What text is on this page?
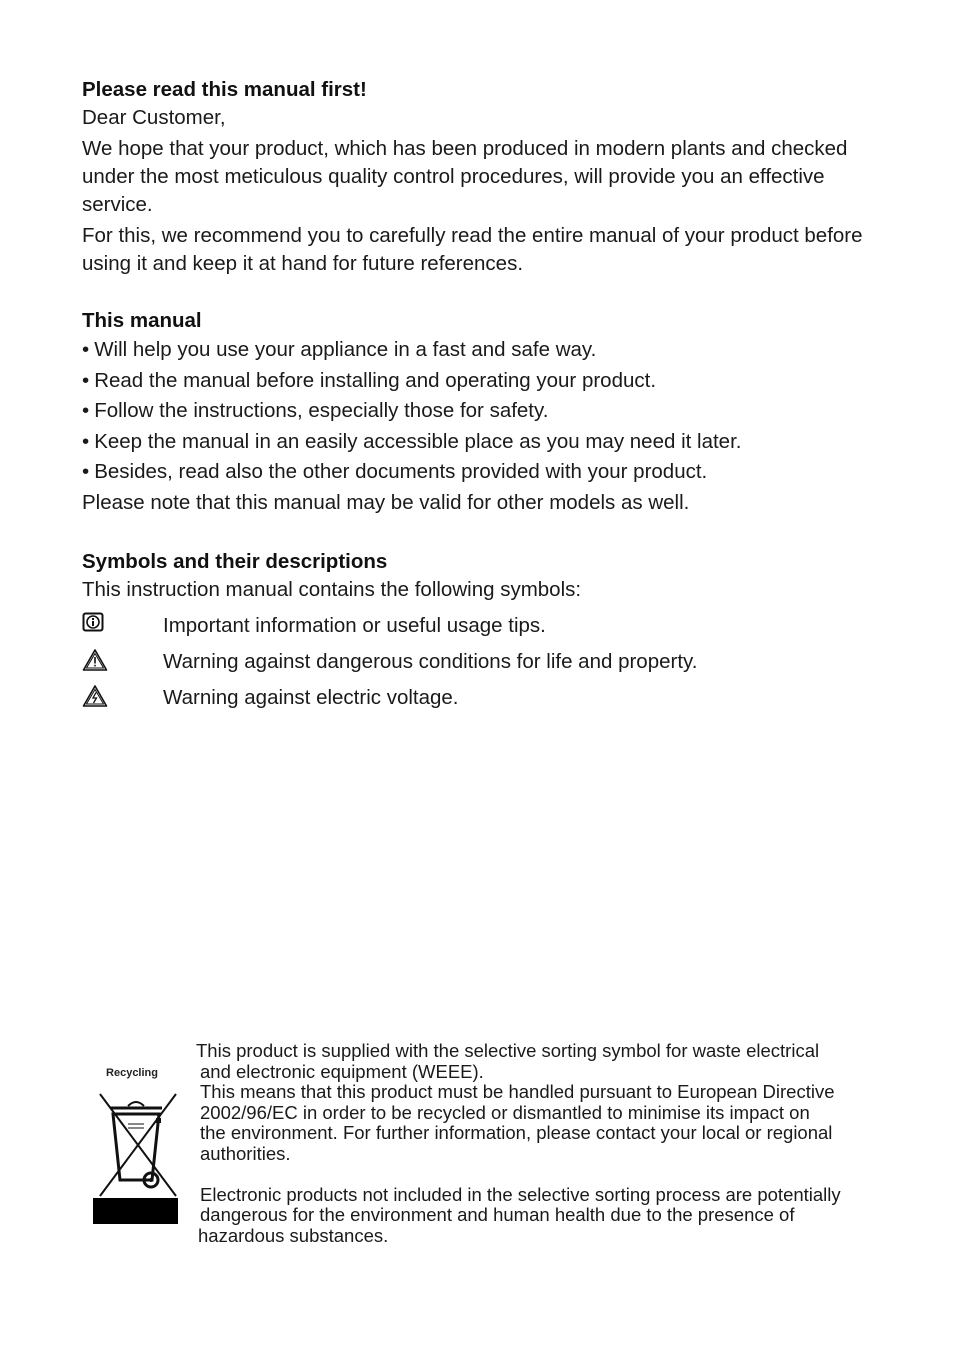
Please read this manual first!

Dear Customer,

We hope that your product, which has been produced in modern plants and checked under the most meticulous quality control procedures, will provide you an effective service.

For this, we recommend you to carefully read the entire manual of your product before using it and keep it at hand for future references.

This manual
• Will help you use your appliance in a fast and safe way.
• Read the manual before installing and operating your product.
• Follow the instructions, especially those for safety.
• Keep the manual in an easily accessible place as you may need it later.
• Besides, read also the other documents provided with your product.

Please note that this manual may be valid for other models as well.

Symbols and their descriptions

This instruction manual contains the following symbols:

Important information or useful usage tips.
Warning against dangerous conditions for life and property.
Warning against electric voltage.
Recycling

This product is supplied with the selective sorting symbol for waste electrical

and electronic equipment (WEEE).

This means that this product must be handled pursuant to European Directive

2002/96/EC in order to be recycled or dismantled to minimise its impact on

the environment. For further information, please contact your local or regional

authorities.

Electronic products not included in the selective sorting process are potentially

dangerous for the environment and human health due to the presence of

hazardous substances.
